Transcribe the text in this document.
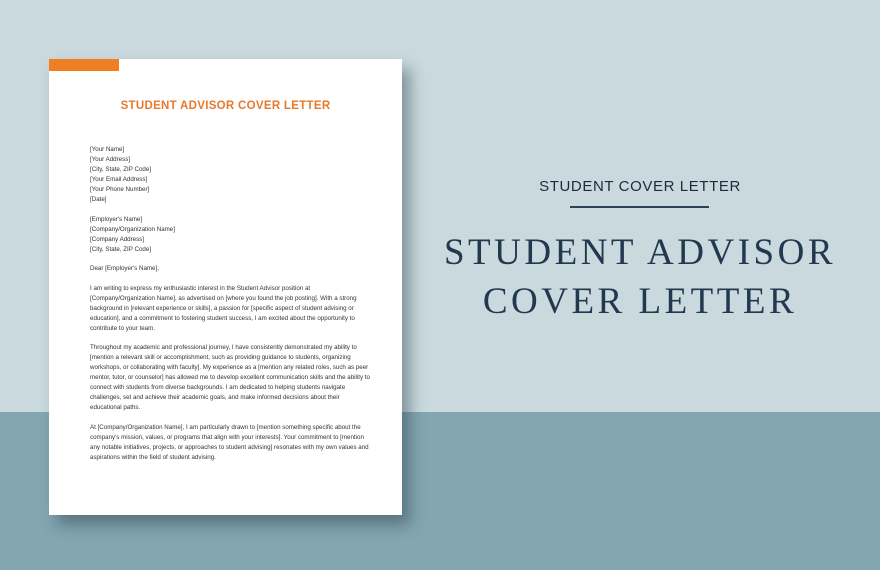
STUDENT ADVISOR COVER LETTER
[Your Name]
[Your Address]
[City, State, ZIP Code]
[Your Email Address]
[Your Phone Number]
[Date]
[Employer's Name]
[Company/Organization Name]
[Company Address]
[City, State, ZIP Code]

Dear [Employer's Name],

I am writing to express my enthusiastic interest in the Student Advisor position at [Company/Organization Name], as advertised on [where you found the job posting]. With a strong background in [relevant experience or skills], a passion for [specific aspect of student advising or education], and a commitment to fostering student success, I am excited about the opportunity to contribute to your team.

Throughout my academic and professional journey, I have consistently demonstrated my ability to [mention a relevant skill or accomplishment, such as providing guidance to students, organizing workshops, or collaborating with faculty]. My experience as a [mention any related roles, such as peer mentor, tutor, or counselor] has allowed me to develop excellent communication skills and the ability to connect with students from diverse backgrounds. I am dedicated to helping students navigate challenges, set and achieve their academic goals, and make informed decisions about their educational paths.

At [Company/Organization Name], I am particularly drawn to [mention something specific about the company's mission, values, or programs that align with your interests]. Your commitment to [mention any notable initiatives, projects, or approaches to student advising] resonates with my own values and aspirations within the field of student advising.

STUDENT COVER LETTER
STUDENT ADVISOR
COVER LETTER
